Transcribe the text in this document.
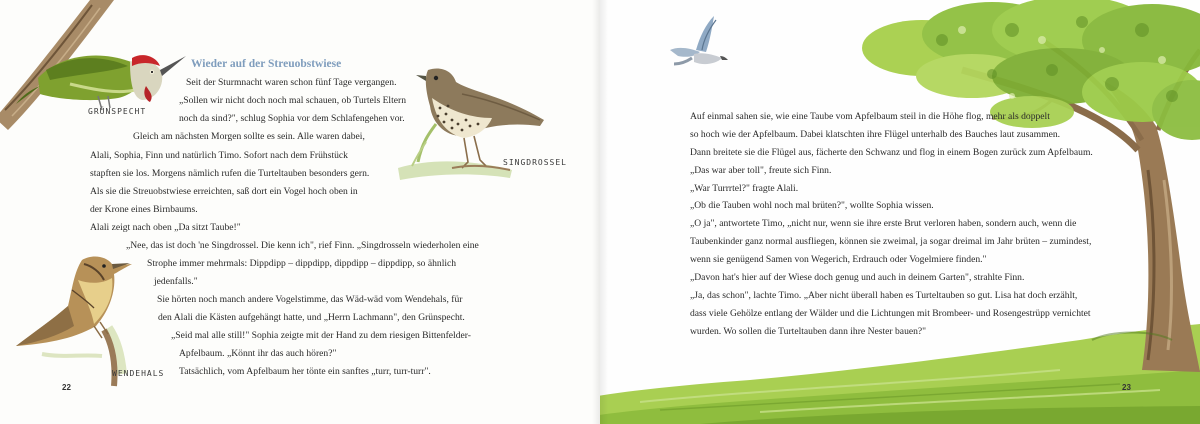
GRÜNSPECHT
SINGDROSSEL
WENDEHALS
Wieder auf der Streuobstwiese
Seit der Sturmnacht waren schon fünf Tage vergangen.
„Sollen wir nicht doch noch mal schauen, ob Turtels Eltern
noch da sind?", schlug Sophia vor dem Schlafengehen vor.
Gleich am nächsten Morgen sollte es sein. Alle waren dabei,
Alali, Sophia, Finn und natürlich Timo. Sofort nach dem Frühstück
stapften sie los. Morgens nämlich rufen die Turteltauben besonders gern.
Als sie die Streuobstwiese erreichten, saß dort ein Vogel hoch oben in
der Krone eines Birnbaums.
Alali zeigt nach oben „Da sitzt Taube!"
„Nee, das ist doch 'ne Singdrossel. Die kenn ich", rief Finn. „Singdrosseln wiederholen eine
Strophe immer mehrmals: Dippdipp – dippdipp, dippdipp – dippdipp, so ähnlich
jedenfalls."
Sie hörten noch manch andere Vogelstimme, das Wäd-wäd vom Wendehals, für
den Alali die Kästen aufgehängt hatte, und „Herrn Lachmann", den Grünspecht.
„Seid mal alle still!" Sophia zeigte mit der Hand zu dem riesigen Bittenfelder-
Apfelbaum. „Könnt ihr das auch hören?"
Tatsächlich, vom Apfelbaum her tönte ein sanftes „turr, turr-turr".
22
Auf einmal sahen sie, wie eine Taube vom Apfelbaum steil in die Höhe flog, mehr als doppelt
so hoch wie der Apfelbaum. Dabei klatschten ihre Flügel unterhalb des Bauches laut zusammen.
Dann breitete sie die Flügel aus, fächerte den Schwanz und flog in einem Bogen zurück zum Apfelbaum.
„Das war aber toll", freute sich Finn.
„War Turrrtel?" fragte Alali.
„Ob die Tauben wohl noch mal brüten?", wollte Sophia wissen.
„O ja", antwortete Timo, „nicht nur, wenn sie ihre erste Brut verloren haben, sondern auch, wenn die
Taubenkinder ganz normal ausfliegen, können sie zweimal, ja sogar dreimal im Jahr brüten – zumindest,
wenn sie genügend Samen von Wegerich, Erdrauch oder Vogelmiere finden."
„Davon hat's hier auf der Wiese doch genug und auch in deinem Garten", strahlte Finn.
„Ja, das schon", lachte Timo. „Aber nicht überall haben es Turteltauben so gut. Lisa hat doch erzählt,
dass viele Gehölze entlang der Wälder und die Lichtungen mit Brombeer- und Rosengestrüpp vernichtet
wurden. Wo sollen die Turteltauben dann ihre Nester bauen?"
23
